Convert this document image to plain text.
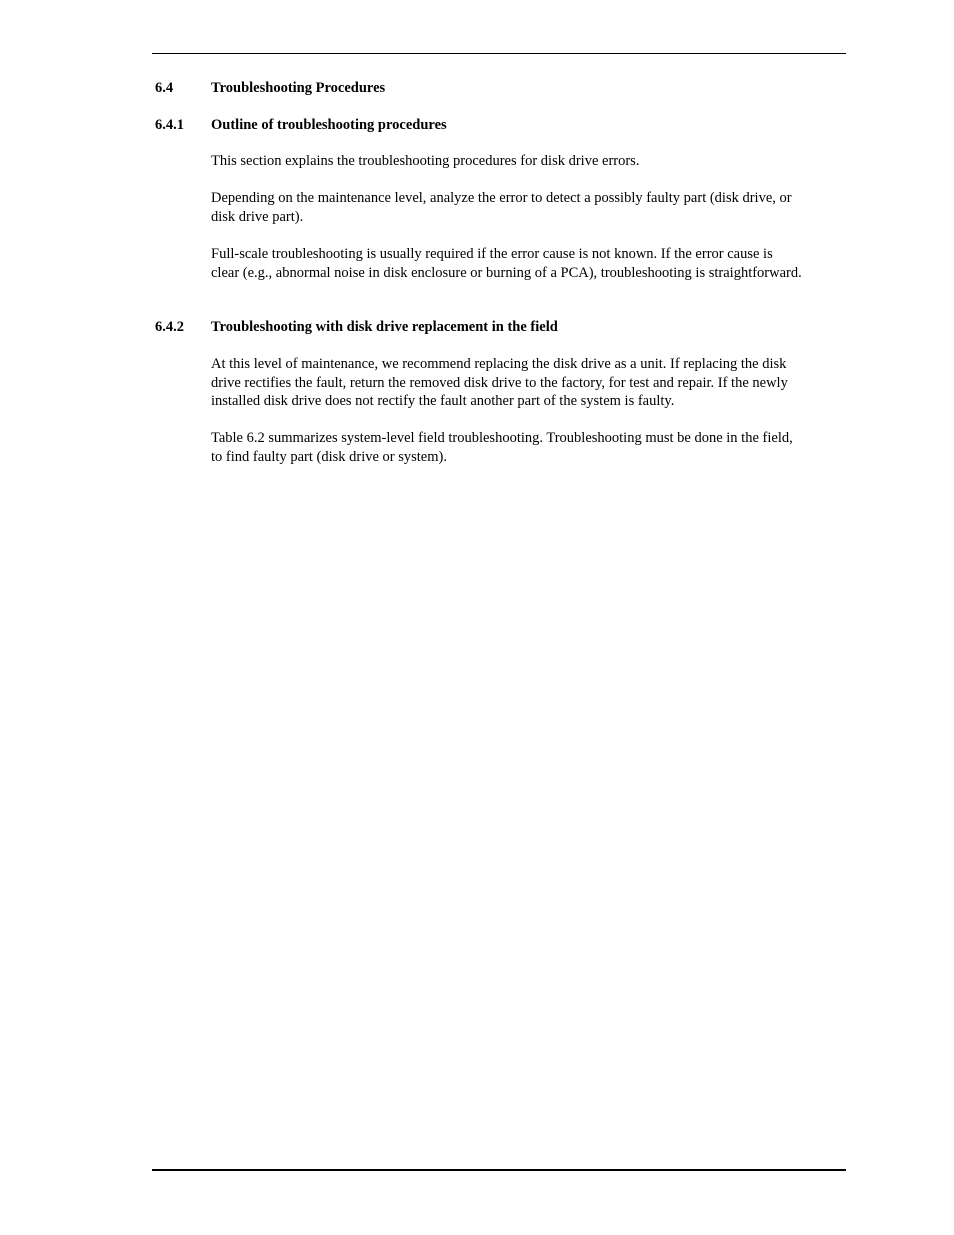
6.4	Troubleshooting Procedures
6.4.1 Outline of troubleshooting procedures

This section explains the troubleshooting procedures for disk drive errors.

Depending on the maintenance level, analyze the error to detect a possibly faulty part (disk drive, or
disk drive part).

Full-scale troubleshooting is usually required if the error cause is not known. If the error cause is
clear (e.g., abnormal noise in disk enclosure or burning of a PCA), troubleshooting is straightforward.

6.4.2 Troubleshooting with disk drive replacement in the field

At this level of maintenance, we recommend replacing the disk drive as a unit. If replacing the disk
drive rectifies the fault, return the removed disk drive to the factory, for test and repair. If the newly
installed disk drive does not rectify the fault another part of the system is faulty.

Table 6.2 summarizes system-level field troubleshooting. Troubleshooting must be done in the field,
to find faulty part (disk drive or system).
